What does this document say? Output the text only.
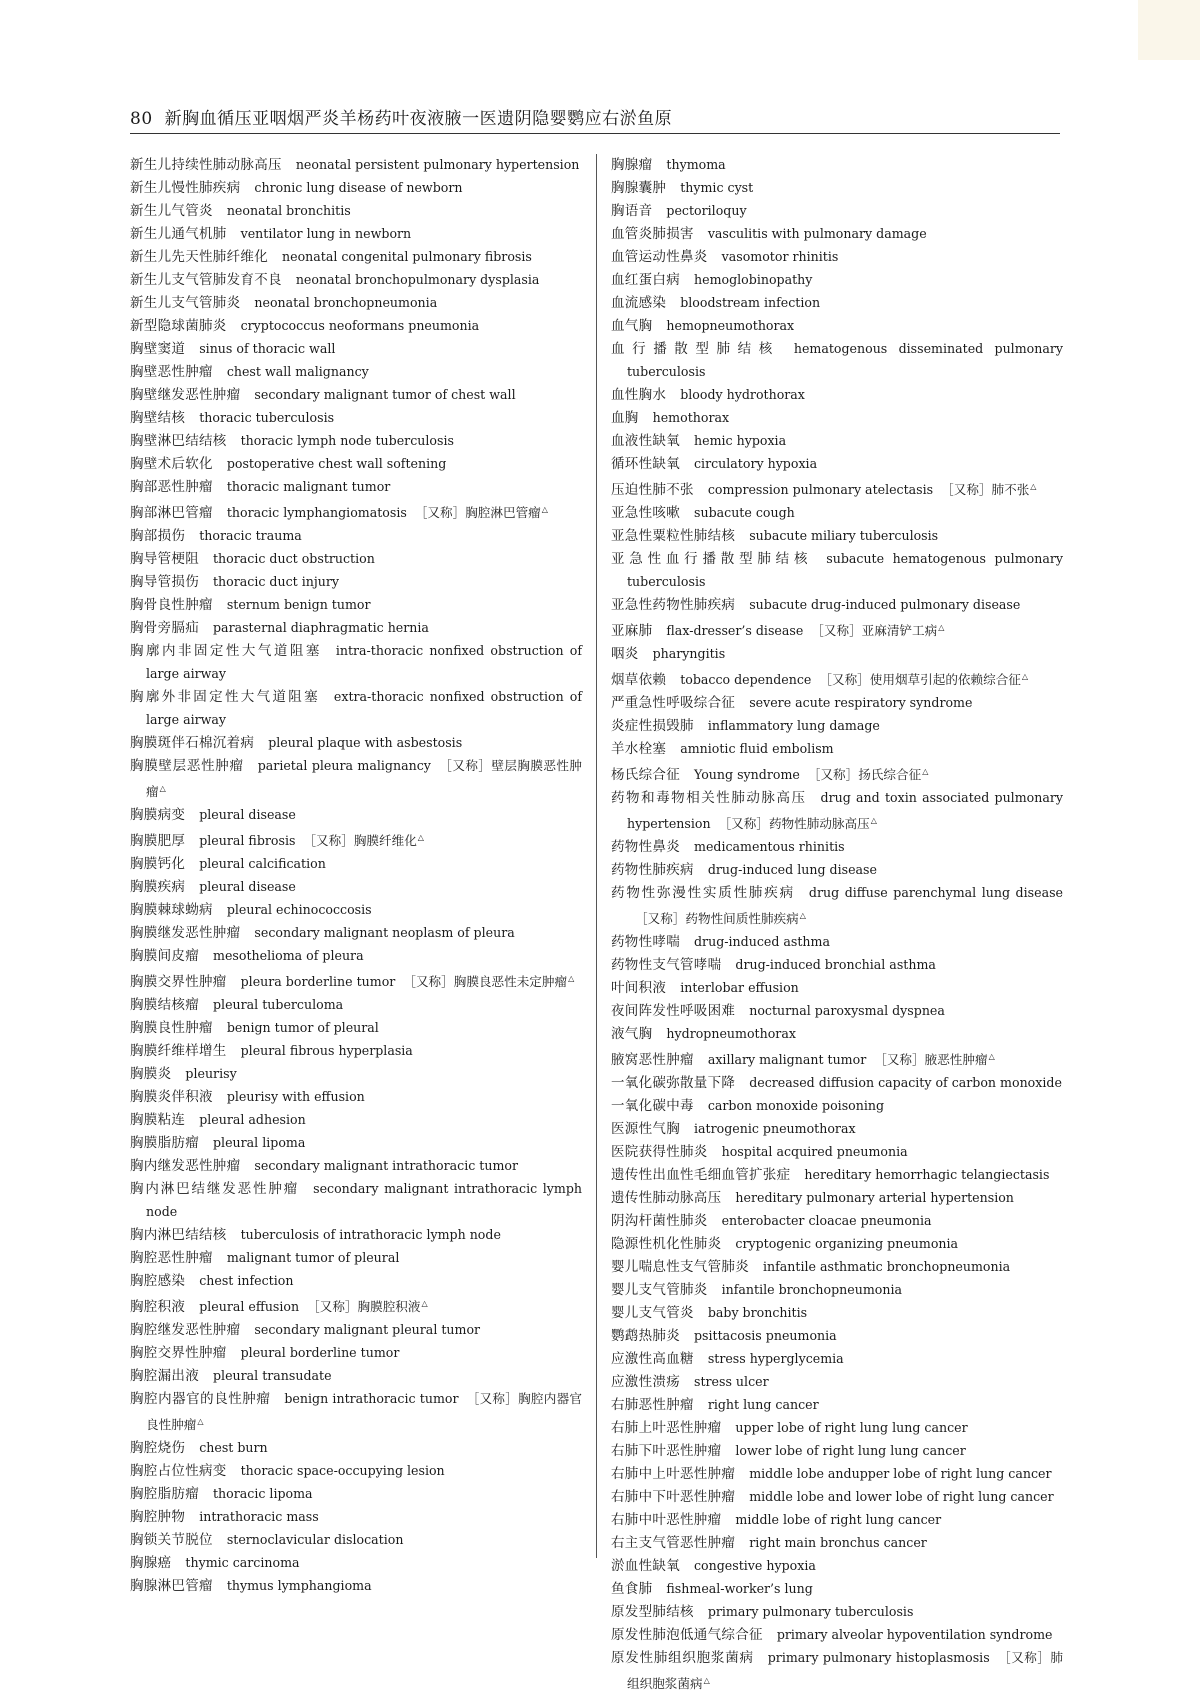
80 新胸血循压亚咽烟严炎羊杨药叶夜液腋一医遗阴隐婴鹦应右淤鱼原

新生儿持续性肺动脉高压 neonatal persistent pulmonary hypertension

新生儿慢性肺疾病 chronic lung disease of newborn

新生儿气管炎 neonatal bronchitis

新生儿通气机肺 ventilator lung in newborn

新生儿先天性肺纤维化 neonatal congenital pulmonary fibrosis

新生儿支气管肺发育不良 neonatal bronchopulmonary dysplasia

新生儿支气管肺炎 neonatal bronchopneumonia

新型隐球菌肺炎 cryptococcus neoformans pneumonia

胸壁窦道 sinus of thoracic wall

胸壁恶性肿瘤 chest wall malignancy

胸壁继发恶性肿瘤 secondary malignant tumor of chest wall

胸壁结核 thoracic tuberculosis

胸壁淋巴结结核 thoracic lymph node tuberculosis

胸壁术后软化 postoperative chest wall softening

胸部恶性肿瘤 thoracic malignant tumor

胸部淋巴管瘤 thoracic lymphangiomatosis ［又称］胸腔淋巴管瘤△

胸部损伤 thoracic trauma

胸导管梗阻 thoracic duct obstruction

胸导管损伤 thoracic duct injury

胸骨良性肿瘤 sternum benign tumor

胸骨旁膈疝 parasternal diaphragmatic hernia

胸廓内非固定性大气道阻塞 intra-thoracic nonfixed obstruction of large airway

胸廓外非固定性大气道阻塞 extra-thoracic nonfixed obstruction of large airway

胸膜斑伴石棉沉着病 pleural plaque with asbestosis

胸膜壁层恶性肿瘤 parietal pleura malignancy ［又称］壁层胸膜恶性肿瘤△

胸膜病变 pleural disease

胸膜肥厚 pleural fibrosis ［又称］胸膜纤维化△

胸膜钙化 pleural calcification

胸膜疾病 pleural disease

胸膜棘球蚴病 pleural echinococcosis

胸膜继发恶性肿瘤 secondary malignant neoplasm of pleura

胸膜间皮瘤 mesothelioma of pleura

胸膜交界性肿瘤 pleura borderline tumor ［又称］胸膜良恶性未定肿瘤△

胸膜结核瘤 pleural tuberculoma

胸膜良性肿瘤 benign tumor of pleural

胸膜纤维样增生 pleural fibrous hyperplasia

胸膜炎 pleurisy

胸膜炎伴积液 pleurisy with effusion

胸膜粘连 pleural adhesion

胸膜脂肪瘤 pleural lipoma

胸内继发恶性肿瘤 secondary malignant intrathoracic tumor

胸内淋巴结继发恶性肿瘤 secondary malignant intrathoracic lymph node

胸内淋巴结结核 tuberculosis of intrathoracic lymph node

胸腔恶性肿瘤 malignant tumor of pleural

胸腔感染 chest infection

胸腔积液 pleural effusion ［又称］胸膜腔积液△

胸腔继发恶性肿瘤 secondary malignant pleural tumor

胸腔交界性肿瘤 pleural borderline tumor

胸腔漏出液 pleural transudate

胸腔内器官的良性肿瘤 benign intrathoracic tumor ［又称］胸腔内器官良性肿瘤△

胸腔烧伤 chest burn

胸腔占位性病变 thoracic space-occupying lesion

胸腔脂肪瘤 thoracic lipoma

胸腔肿物 intrathoracic mass

胸锁关节脱位 sternoclavicular dislocation

胸腺癌 thymic carcinoma

胸腺淋巴管瘤 thymus lymphangioma

胸腺瘤 thymoma

胸腺囊肿 thymic cyst

胸语音 pectoriloquy

血管炎肺损害 vasculitis with pulmonary damage

血管运动性鼻炎 vasomotor rhinitis

血红蛋白病 hemoglobinopathy

血流感染 bloodstream infection

血气胸 hemopneumothorax

血行播散型肺结核 hematogenous disseminated pulmonary tuberculosis

血性胸水 bloody hydrothorax

血胸 hemothorax

血液性缺氧 hemic hypoxia

循环性缺氧 circulatory hypoxia

压迫性肺不张 compression pulmonary atelectasis ［又称］肺不张△

亚急性咳嗽 subacute cough

亚急性粟粒性肺结核 subacute miliary tuberculosis

亚急性血行播散型肺结核 subacute hematogenous pulmonary tuberculosis

亚急性药物性肺疾病 subacute drug-induced pulmonary disease

亚麻肺 flax-dresser’s disease ［又称］亚麻清铲工病△

咽炎 pharyngitis

烟草依赖 tobacco dependence ［又称］使用烟草引起的依赖综合征△

严重急性呼吸综合征 severe acute respiratory syndrome

炎症性损毁肺 inflammatory lung damage

羊水栓塞 amniotic fluid embolism

杨氏综合征 Young syndrome ［又称］扬氏综合征△

药物和毒物相关性肺动脉高压 drug and toxin associated pulmonary hypertension ［又称］药物性肺动脉高压△

药物性鼻炎 medicamentous rhinitis

药物性肺疾病 drug-induced lung disease

药物性弥漫性实质性肺疾病 drug diffuse parenchymal lung disease［又称］药物性间质性肺疾病△

药物性哮喘 drug-induced asthma

药物性支气管哮喘 drug-induced bronchial asthma

叶间积液 interlobar effusion

夜间阵发性呼吸困难 nocturnal paroxysmal dyspnea

液气胸 hydropneumothorax

腋窝恶性肿瘤 axillary malignant tumor ［又称］腋恶性肿瘤△

一氧化碳弥散量下降 decreased diffusion capacity of carbon monoxide

一氧化碳中毒 carbon monoxide poisoning

医源性气胸 iatrogenic pneumothorax

医院获得性肺炎 hospital acquired pneumonia

遗传性出血性毛细血管扩张症 hereditary hemorrhagic telangiectasis

遗传性肺动脉高压 hereditary pulmonary arterial hypertension

阴沟杆菌性肺炎 enterobacter cloacae pneumonia

隐源性机化性肺炎 cryptogenic organizing pneumonia

婴儿喘息性支气管肺炎 infantile asthmatic bronchopneumonia

婴儿支气管肺炎 infantile bronchopneumonia

婴儿支气管炎 baby bronchitis

鹦鹉热肺炎 psittacosis pneumonia

应激性高血糖 stress hyperglycemia

应激性溃疡 stress ulcer

右肺恶性肿瘤 right lung cancer

右肺上叶恶性肿瘤 upper lobe of right lung lung cancer

右肺下叶恶性肿瘤 lower lobe of right lung lung cancer

右肺中上叶恶性肿瘤 middle lobe andupper lobe of right lung cancer

右肺中下叶恶性肿瘤 middle lobe and lower lobe of right lung cancer

右肺中叶恶性肿瘤 middle lobe of right lung cancer

右主支气管恶性肿瘤 right main bronchus cancer

淤血性缺氧 congestive hypoxia

鱼食肺 fishmeal-worker’s lung

原发型肺结核 primary pulmonary tuberculosis

原发性肺泡低通气综合征 primary alveolar hypoventilation syndrome

原发性肺组织胞浆菌病 primary pulmonary histoplasmosis ［又称］肺组织胞浆菌病△
